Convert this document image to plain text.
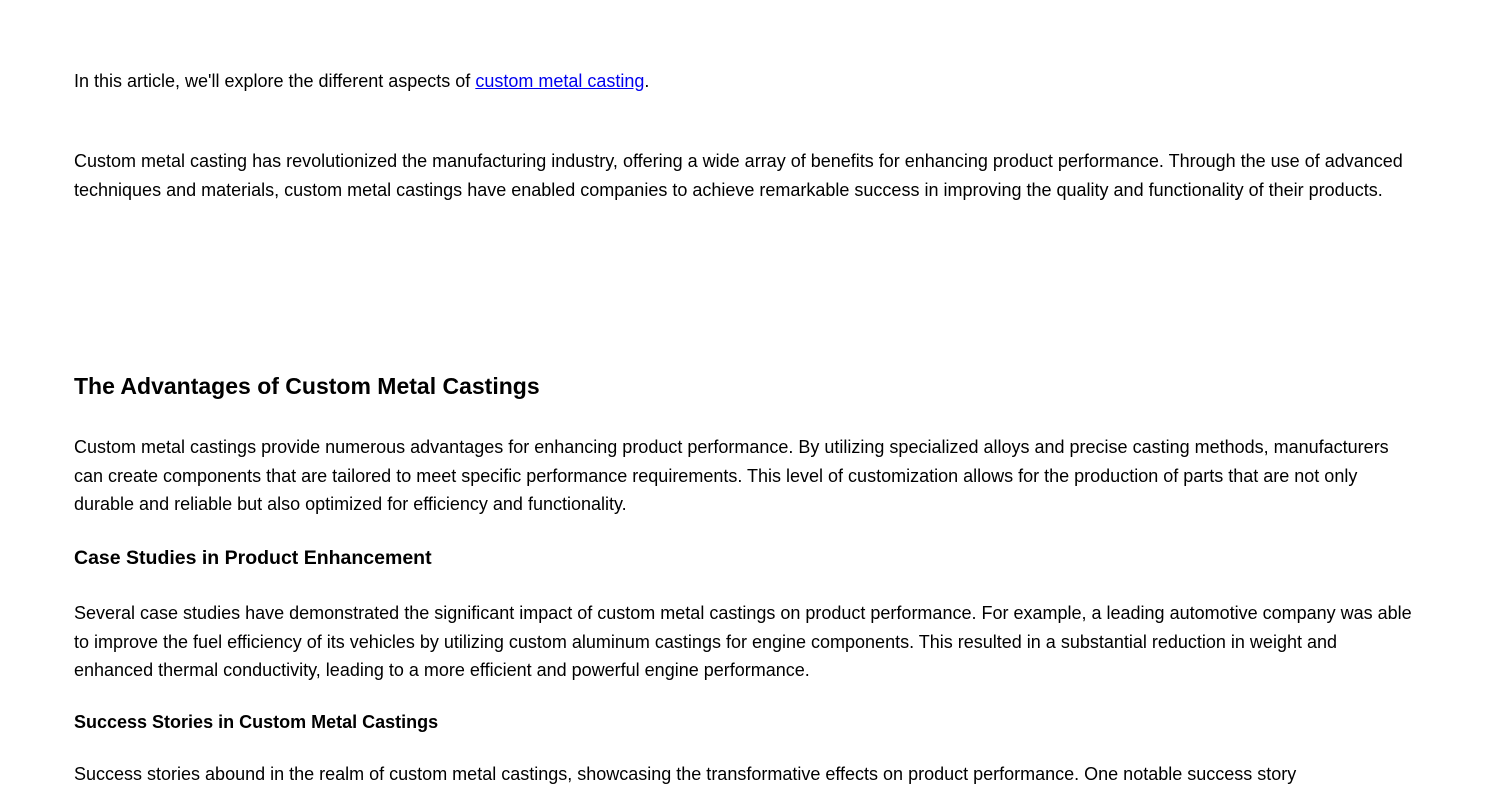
In this article, we'll explore the different aspects of custom metal casting.

Custom metal casting has revolutionized the manufacturing industry, offering a wide array of benefits for enhancing product performance. Through the use of advanced techniques and materials, custom metal castings have enabled companies to achieve remarkable success in improving the quality and functionality of their products.

The Advantages of Custom Metal Castings

Custom metal castings provide numerous advantages for enhancing product performance. By utilizing specialized alloys and precise casting methods, manufacturers can create components that are tailored to meet specific performance requirements. This level of customization allows for the production of parts that are not only durable and reliable but also optimized for efficiency and functionality.

Case Studies in Product Enhancement

Several case studies have demonstrated the significant impact of custom metal castings on product performance. For example, a leading automotive company was able to improve the fuel efficiency of its vehicles by utilizing custom aluminum castings for engine components. This resulted in a substantial reduction in weight and enhanced thermal conductivity, leading to a more efficient and powerful engine performance.

Success Stories in Custom Metal Castings

Success stories abound in the realm of custom metal castings, showcasing the transformative effects on product performance. One notable success story
